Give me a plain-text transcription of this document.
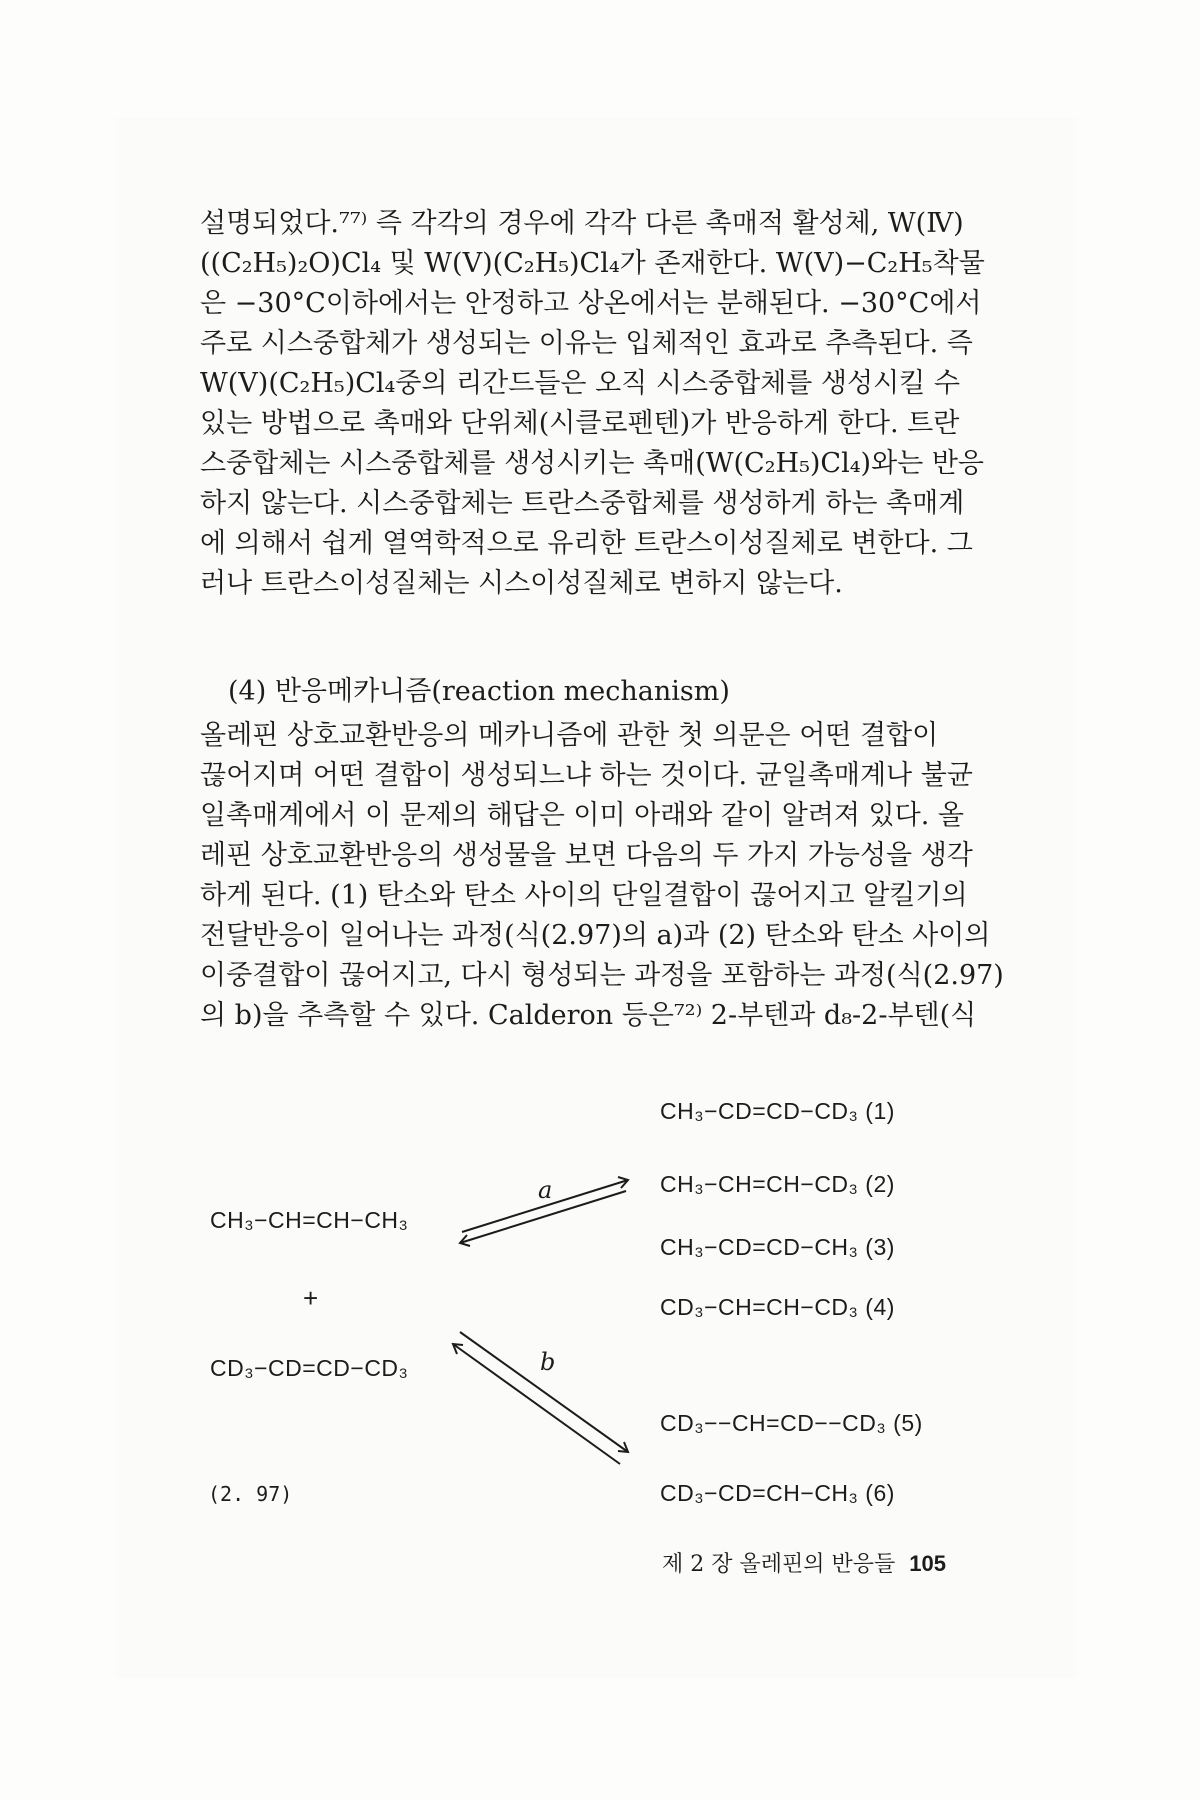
설명되었다.⁷⁷⁾ 즉 각각의 경우에 각각 다른 촉매적 활성체, W(Ⅳ)
((C₂H₅)₂O)Cl₄ 및 W(Ⅴ)(C₂H₅)Cl₄가 존재한다. W(Ⅴ)−C₂H₅착물
은 −30°C이하에서는 안정하고 상온에서는 분해된다. −30°C에서
주로 시스중합체가 생성되는 이유는 입체적인 효과로 추측된다. 즉
W(Ⅴ)(C₂H₅)Cl₄중의 리간드들은 오직 시스중합체를 생성시킬 수
있는 방법으로 촉매와 단위체(시클로펜텐)가 반응하게 한다. 트란
스중합체는 시스중합체를 생성시키는 촉매(W(C₂H₅)Cl₄)와는 반응
하지 않는다. 시스중합체는 트란스중합체를 생성하게 하는 촉매계
에 의해서 쉽게 열역학적으로 유리한 트란스이성질체로 변한다. 그
러나 트란스이성질체는 시스이성질체로 변하지 않는다.
(4) 반응메카니즘(reaction mechanism)
올레핀 상호교환반응의 메카니즘에 관한 첫 의문은 어떤 결합이
끊어지며 어떤 결합이 생성되느냐 하는 것이다. 균일촉매계나 불균
일촉매계에서 이 문제의 해답은 이미 아래와 같이 알려져 있다. 올
레핀 상호교환반응의 생성물을 보면 다음의 두 가지 가능성을 생각
하게 된다. (1) 탄소와 탄소 사이의 단일결합이 끊어지고 알킬기의
전달반응이 일어나는 과정(식(2.97)의 a)과 (2) 탄소와 탄소 사이의
이중결합이 끊어지고, 다시 형성되는 과정을 포함하는 과정(식(2.97)
의 b)을 추측할 수 있다. Calderon 등은⁷²⁾ 2-부텐과 d₈-2-부텐(식
CH₃−CH=CH−CH₃
+
CD₃−CD=CD−CD₃
(2. 97)
a
b
CH₃−CD=CD−CD₃ (1)
CH₃−CH=CH−CD₃ (2)
CH₃−CD=CD−CH₃ (3)
CD₃−CH=CH−CD₃ (4)
CD₃−−CH=CD−−CD₃ (5)
CD₃−CD=CH−CH₃ (6)
제 2 장 올레핀의 반응들 105
